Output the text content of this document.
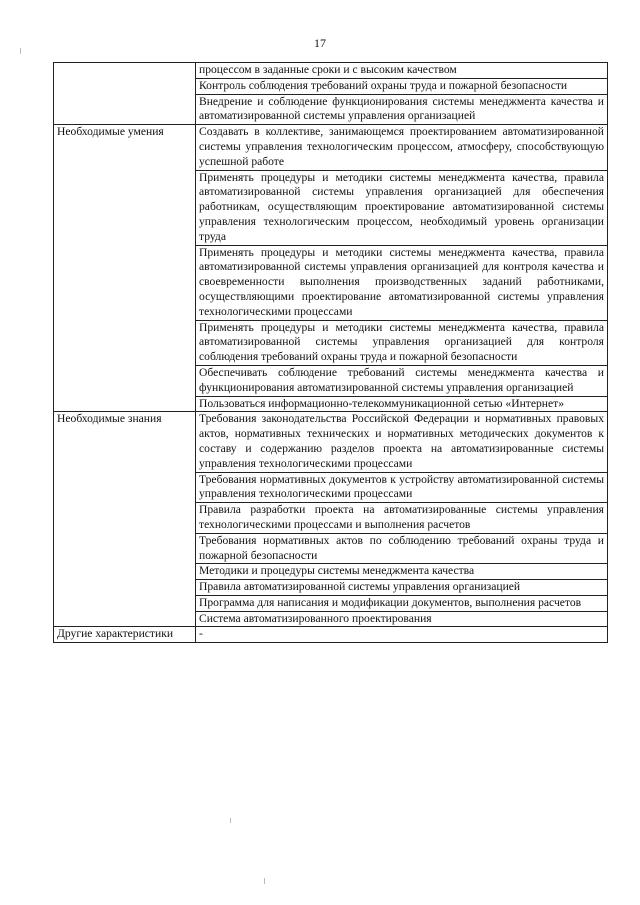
17
	процессом в заданные сроки и с высоким качеством
	Контроль соблюдения требований охраны труда и пожарной безопасности
	Внедрение и соблюдение функционирования системы менеджмента качества и автоматизированной системы управления организацией
Необходимые умения	Создавать в коллективе, занимающемся проектированием автоматизированной системы управления технологическим процессом, атмосферу, способствующую успешной работе
	Применять процедуры и методики системы менеджмента качества, правила автоматизированной системы управления организацией для обеспечения работникам, осуществляющим проектирование автоматизированной системы управления технологическим процессом, необходимый уровень организации труда
	Применять процедуры и методики системы менеджмента качества, правила автоматизированной системы управления организацией для контроля качества и своевременности выполнения производственных заданий работниками, осуществляющими проектирование автоматизированной системы управления технологическими процессами
	Применять процедуры и методики системы менеджмента качества, правила автоматизированной системы управления организацией для контроля соблюдения требований охраны труда и пожарной безопасности
	Обеспечивать соблюдение требований системы менеджмента качества и функционирования автоматизированной системы управления организацией
	Пользоваться информационно-телекоммуникационной сетью «Интернет»
Необходимые знания	Требования законодательства Российской Федерации и нормативных правовых актов, нормативных технических и нормативных методических документов к составу и содержанию разделов проекта на автоматизированные системы управления технологическими процессами
	Требования нормативных документов к устройству автоматизированной системы управления технологическими процессами
	Правила разработки проекта на автоматизированные системы управления технологическими процессами и выполнения расчетов
	Требования нормативных актов по соблюдению требований охраны труда и пожарной безопасности
	Методики и процедуры системы менеджмента качества
	Правила автоматизированной системы управления организацией
	Программа для написания и модификации документов, выполнения расчетов
	Система автоматизированного проектирования
Другие характеристики	-
